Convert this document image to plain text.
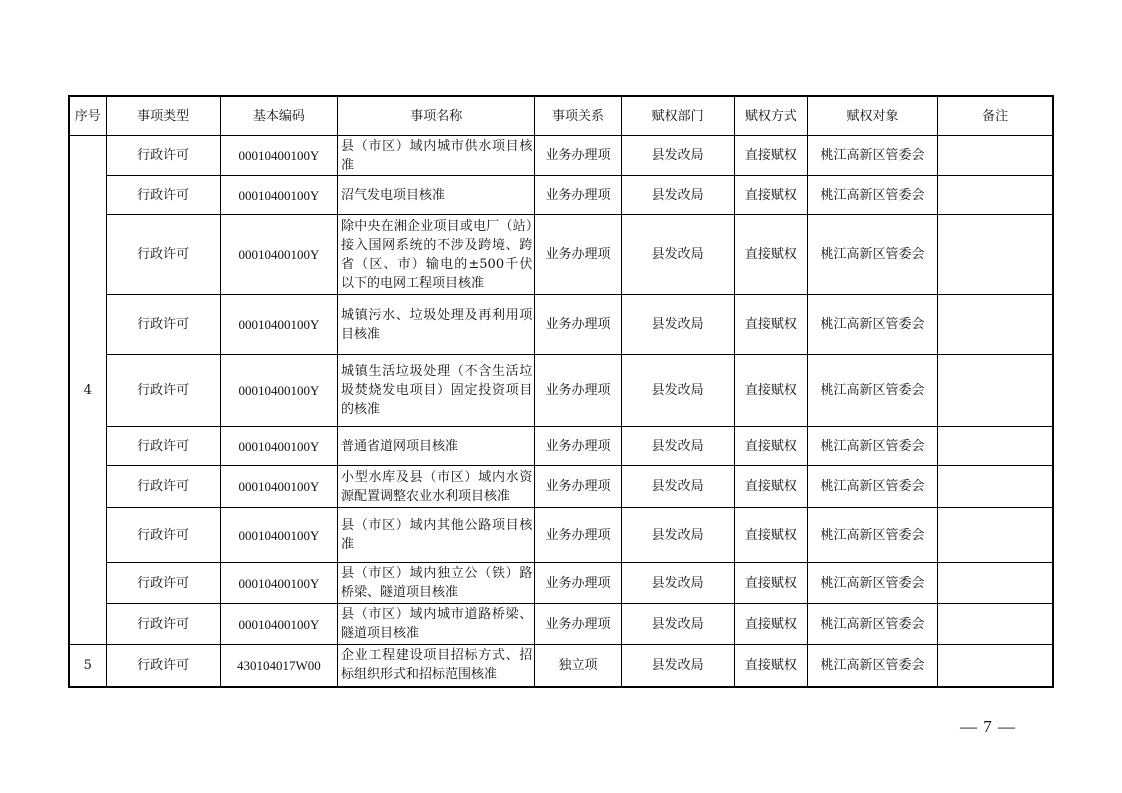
序号	事项类型	基本编码	事项名称	事项关系	赋权部门	赋权方式	赋权对象	备注
4	行政许可	00010400100Y	县（市区）域内城市供水项目核准	业务办理项	县发改局	直接赋权	桃江高新区管委会	
	行政许可	00010400100Y	沼气发电项目核准	业务办理项	县发改局	直接赋权	桃江高新区管委会	
	行政许可	00010400100Y	除中央在湘企业项目或电厂（站）接入国网系统的不涉及跨境、跨省（区、市）输电的±500千伏以下的电网工程项目核准	业务办理项	县发改局	直接赋权	桃江高新区管委会	
	行政许可	00010400100Y	城镇污水、垃圾处理及再利用项目核准	业务办理项	县发改局	直接赋权	桃江高新区管委会	
	行政许可	00010400100Y	城镇生活垃圾处理（不含生活垃圾焚烧发电项目）固定投资项目的核准	业务办理项	县发改局	直接赋权	桃江高新区管委会	
	行政许可	00010400100Y	普通省道网项目核准	业务办理项	县发改局	直接赋权	桃江高新区管委会	
	行政许可	00010400100Y	小型水库及县（市区）域内水资源配置调整农业水利项目核准	业务办理项	县发改局	直接赋权	桃江高新区管委会	
	行政许可	00010400100Y	县（市区）域内其他公路项目核准	业务办理项	县发改局	直接赋权	桃江高新区管委会	
	行政许可	00010400100Y	县（市区）域内独立公（铁）路桥梁、隧道项目核准	业务办理项	县发改局	直接赋权	桃江高新区管委会	
	行政许可	00010400100Y	县（市区）域内城市道路桥梁、隧道项目核准	业务办理项	县发改局	直接赋权	桃江高新区管委会	
5	行政许可	430104017W00	企业工程建设项目招标方式、招标组织形式和招标范围核准	独立项	县发改局	直接赋权	桃江高新区管委会	
— 7 —
